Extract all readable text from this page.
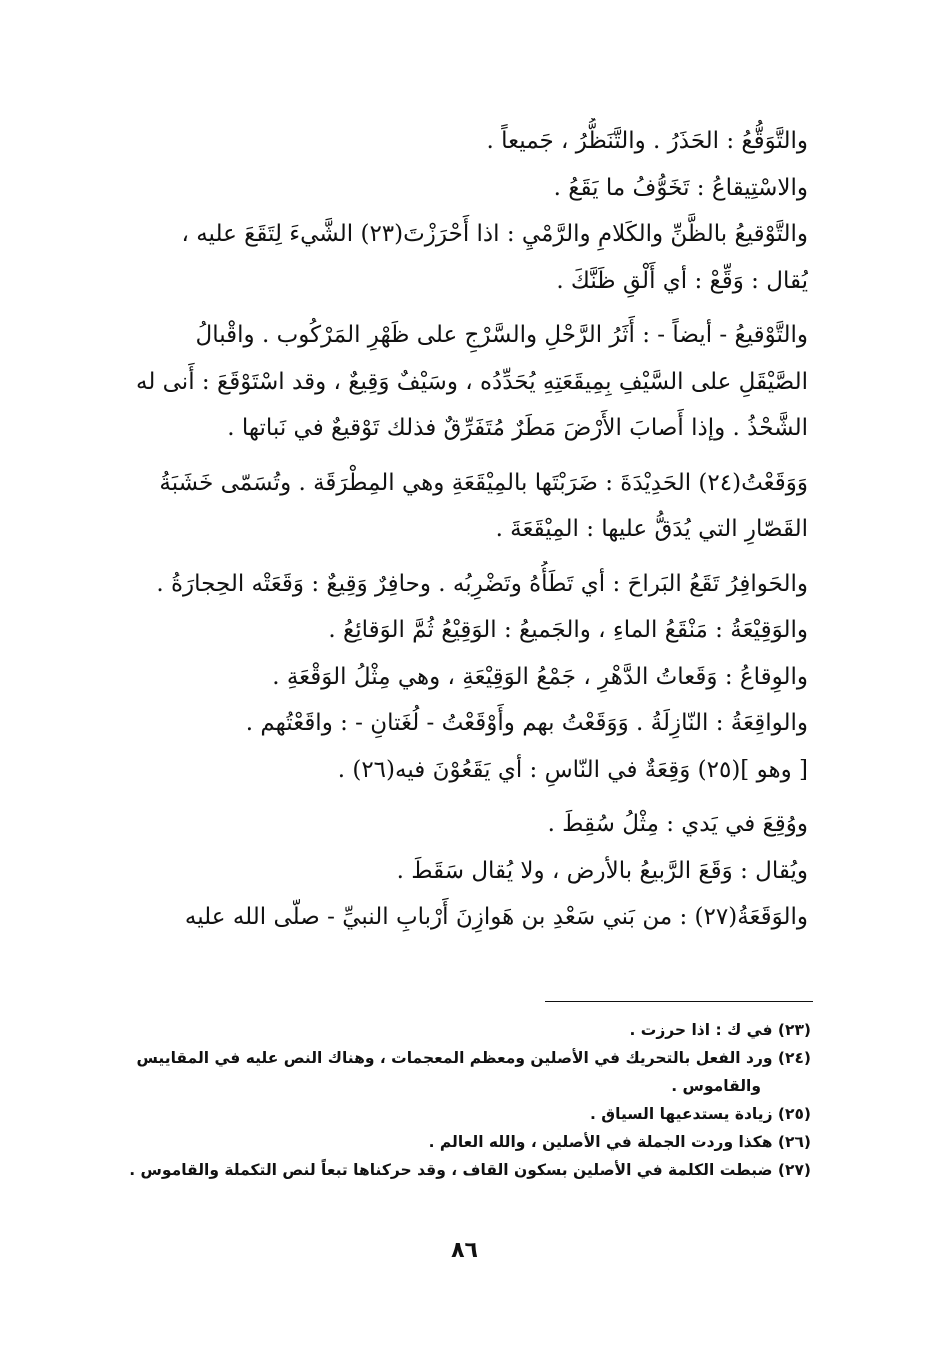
والتَّوَقُّعُ : الحَذَرُ . والتَّنَظُّرُ ، جَميعاً .
والاسْتِيقاعُ : تَخَوُّفُ ما يَقَعُ .
والتَّوْقيعُ بالظَّنِّ والكَلامِ والرَّمْيِ : اذا أَحْرَزْتَ(٢٣) الشَّيءَ لِتَقَعَ عليه ،
يُقال : وَقِّعْ : أي أَلْقِ ظَنَّكَ .

والتَّوْقيعُ - أيضاً - : أَثَرُ الرَّحْلِ والسَّرْجِ على ظَهْرِ المَرْكُوب . واقْبالُ
الصَّيْقَلِ على السَّيْفِ بِمِيقَعَتِهِ يُحَدِّدُه ، وسَيْفٌ وَقِيعٌ ، وقد اسْتَوْقَعَ : أَنى له
الشَّحْذُ . وإذا أَصابَ الأَرْضَ مَطَرٌ مُتَفَرِّقٌ فذلك تَوْقيعٌ في نَباتها .

وَوَقَعْتُ(٢٤) الحَدِيْدَةَ : ضَرَبْتَها بالمِيْقَعَةِ وهي المِطْرَقَة . وتُسَمّى خَشَبَةُ
القَصّارِ التي يُدَقُّ عليها : المِيْقَعَةَ .

والحَوافِرُ تَقَعُ البَراحَ : أي تَطَأُهُ وتَضْرِبُه . وحافِرٌ وَقِيعٌ : وَقَعَتْه الحِجارَةُ .
والوَقِيْعَةُ : مَنْقَعُ الماءِ ، والجَميعُ : الوَقِيْعُ ثُمَّ الوَقائِعُ .
والوِقاعُ : وَقَعاتُ الدَّهْرِ ، جَمْعُ الوَقِيْعَةِ ، وهي مِثْلُ الوَقْعَةِ .
والواقِعَةُ : النّازِلَةُ . وَوَقَعْتُ بهم وأَوْقَعْتُ - لُغَتانِ - : واقَعْتُهم .
[ وهو ](٢٥) وَقِعَةٌ في النّاسِ : أي يَقَعُوْنَ فيه(٢٦) .

ووُقِعَ في يَدي : مِثْلُ سُقِطَ .
ويُقال : وَقَعَ الرَّبيعُ بالأرض ، ولا يُقال سَقَطَ .
والوَقَعَةُ(٢٧) : من بَني سَعْدِ بن هَوازِنَ أَرْبابِ النبيِّ - صلّى الله عليه

(٢٣) في ك : اذا حرزت .
(٢٤) ورد الفعل بالتحريك في الأصلين ومعظم المعجمات ، وهناك النص عليه في المقاييس
والقاموس .
(٢٥) زيادة يستدعيها السياق .
(٢٦) هكذا وردت الجملة في الأصلين ، والله العالم .
(٢٧) ضبطت الكلمة في الأصلين بسكون القاف ، وقد حركناها تبعاً لنص التكملة والقاموس .
٨٦
